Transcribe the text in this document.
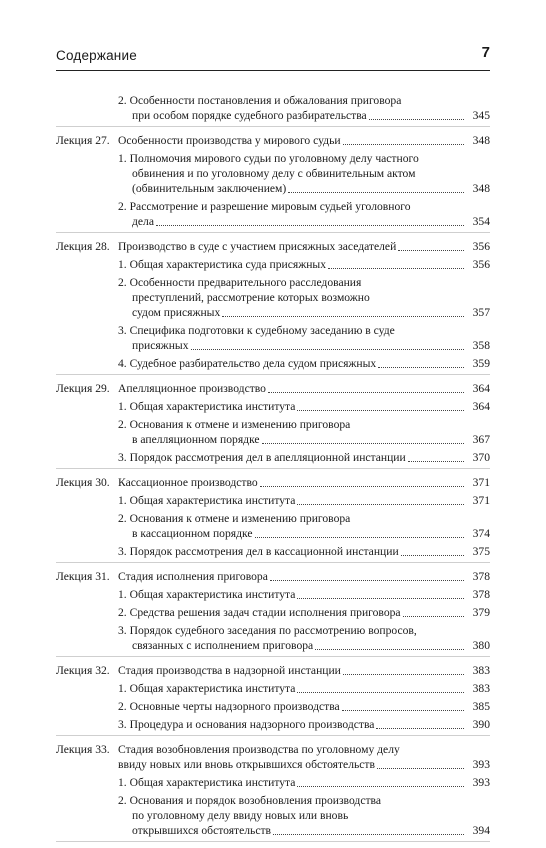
Содержание	7
2. Особенности постановления и обжалования приговора
при особом порядке судебного разбирательства	345
Лекция 27. Особенности производства у мирового судьи	348
1. Полномочия мирового судьи по уголовному делу частного
обвинения и по уголовному делу с обвинительным актом
(обвинительным заключением)	348
2. Рассмотрение и разрешение мировым судьей уголовного
дела	354
Лекция 28. Производство в суде с участием присяжных заседателей	356
1. Общая характеристика суда присяжных	356
2. Особенности предварительного расследования
преступлений, рассмотрение которых возможно
судом присяжных	357
3. Специфика подготовки к судебному заседанию в суде
присяжных	358
4. Судебное разбирательство дела судом присяжных	359
Лекция 29. Апелляционное производство	364
1. Общая характеристика института	364
2. Основания к отмене и изменению приговора
в апелляционном порядке	367
3. Порядок рассмотрения дел в апелляционной инстанции	370
Лекция 30. Кассационное производство	371
1. Общая характеристика института	371
2. Основания к отмене и изменению приговора
в кассационном порядке	374
3. Порядок рассмотрения дел в кассационной инстанции	375
Лекция 31. Стадия исполнения приговора	378
1. Общая характеристика института	378
2. Средства решения задач стадии исполнения приговора	379
3. Порядок судебного заседания по рассмотрению вопросов,
связанных с исполнением приговора	380
Лекция 32. Стадия производства в надзорной инстанции	383
1. Общая характеристика института	383
2. Основные черты надзорного производства	385
3. Процедура и основания надзорного производства	390
Лекция 33. Стадия возобновления производства по уголовному делу
ввиду новых или вновь открывшихся обстоятельств	393
1. Общая характеристика института	393
2. Основания и порядок возобновления производства
по уголовному делу ввиду новых или вновь
открывшихся обстоятельств	394
